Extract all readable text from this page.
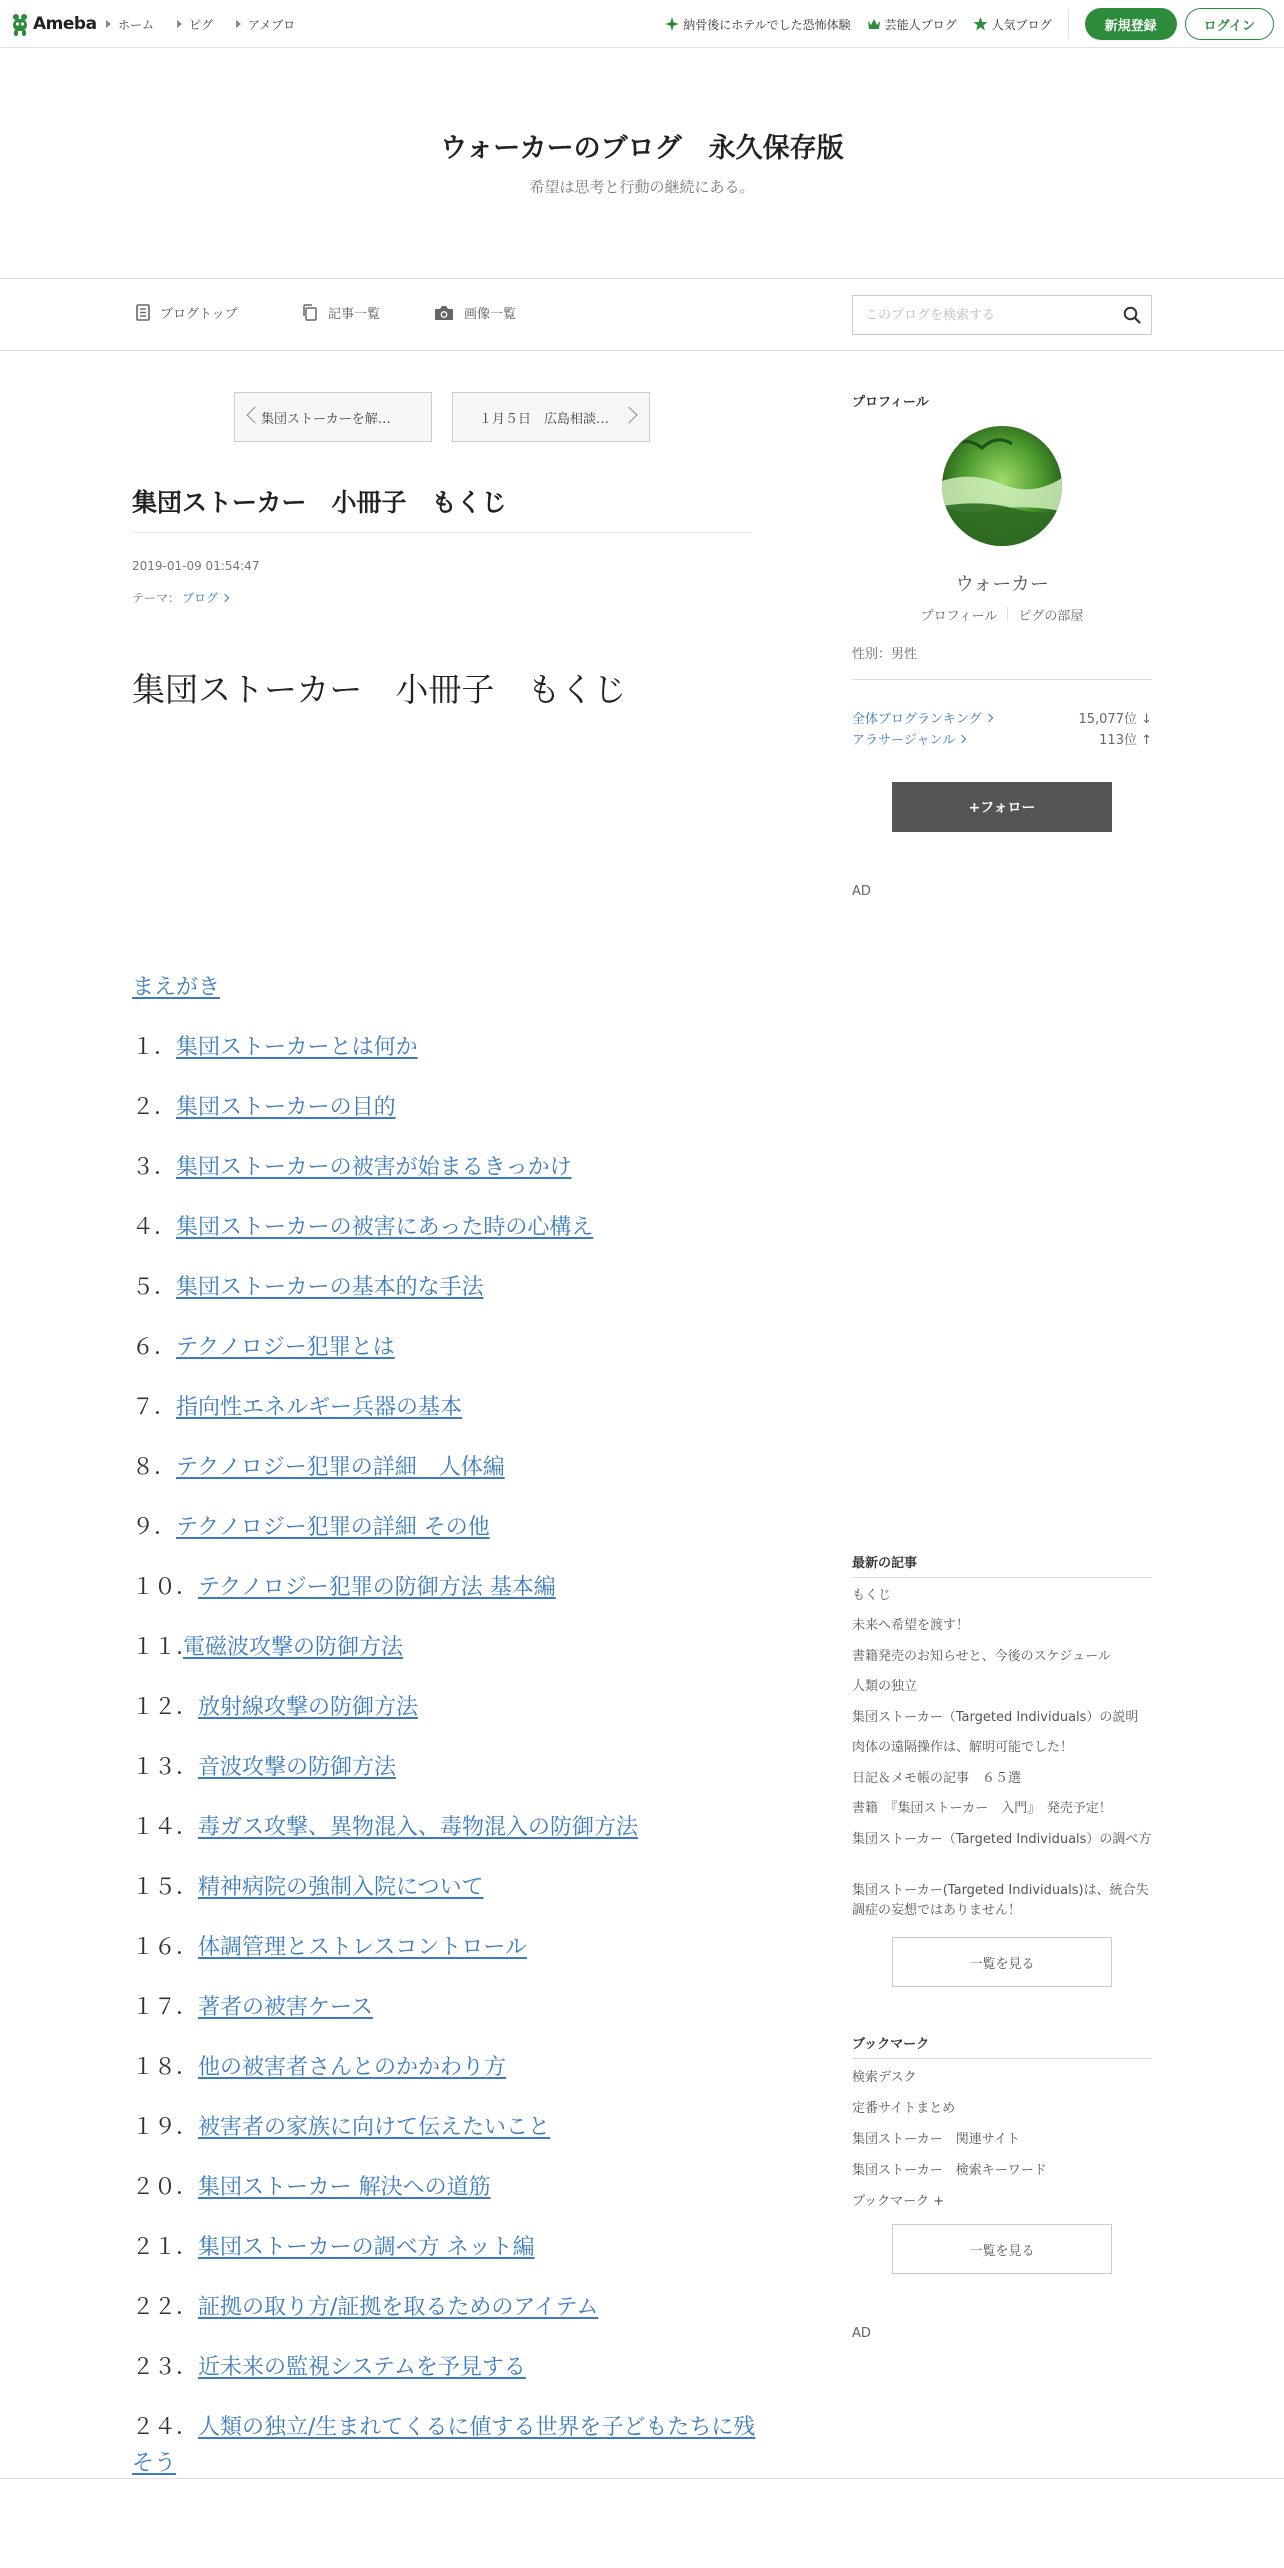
Ameba ホーム	ピグ	アメブロ	納骨後にホテルでした恐怖体験	芸能人ブログ	人気ブログ	新規登録	ログイン
ウォーカーのブログ　永久保存版
希望は思考と行動の継続にある。
ブログトップ	記事一覧	画像一覧
このブログを検索する
集団ストーカーを解…	１月５日　広島相談…
集団ストーカー　小冊子　もくじ
2019-01-09 01:54:47
テーマ： ブログ
集団ストーカー　小冊子　もくじ
まえがき
１．集団ストーカーとは何か
２．集団ストーカーの目的
３．集団ストーカーの被害が始まるきっかけ
４．集団ストーカーの被害にあった時の心構え
５．集団ストーカーの基本的な手法
６．テクノロジー犯罪とは
７．指向性エネルギー兵器の基本
８．テクノロジー犯罪の詳細　人体編
９．テクノロジー犯罪の詳細 その他
１０．テクノロジー犯罪の防御方法 基本編
１１.電磁波攻撃の防御方法
１２．放射線攻撃の防御方法
１３．音波攻撃の防御方法
１４．毒ガス攻撃、異物混入、毒物混入の防御方法
１５．精神病院の強制入院について
１６．体調管理とストレスコントロール
１７．著者の被害ケース
１８．他の被害者さんとのかかわり方
１９．被害者の家族に向けて伝えたいこと
２０．集団ストーカー 解決への道筋
２１．集団ストーカーの調べ方 ネット編
２２．証拠の取り方/証拠を取るためのアイテム
２３．近未来の監視システムを予見する
２４．人類の独立/生まれてくるに値する世界を子どもたちに残そう
プロフィール
ウォーカー
プロフィール ピグの部屋
性別：男性
全体ブログランキング	15,077位 ↓
アラサージャンル	113位 ↑
+フォロー
AD
最新の記事
もくじ
未来へ希望を渡す！
書籍発売のお知らせと、今後のスケジュール
人類の独立
集団ストーカー（Targeted Individuals）の説明
肉体の遠隔操作は、解明可能でした！
日記＆メモ帳の記事　６５選
書籍　『集団ストーカー　入門』　発売予定！
集団ストーカー（Targeted Individuals）の調べ方
集団ストーカー(Targeted Individuals)は、統合失調症の妄想ではありません！
一覧を見る
ブックマーク
検索デスク
定番サイトまとめ
集団ストーカー　関連サイト
集団ストーカー　検索キーワード
ブックマーク +
一覧を見る
AD
